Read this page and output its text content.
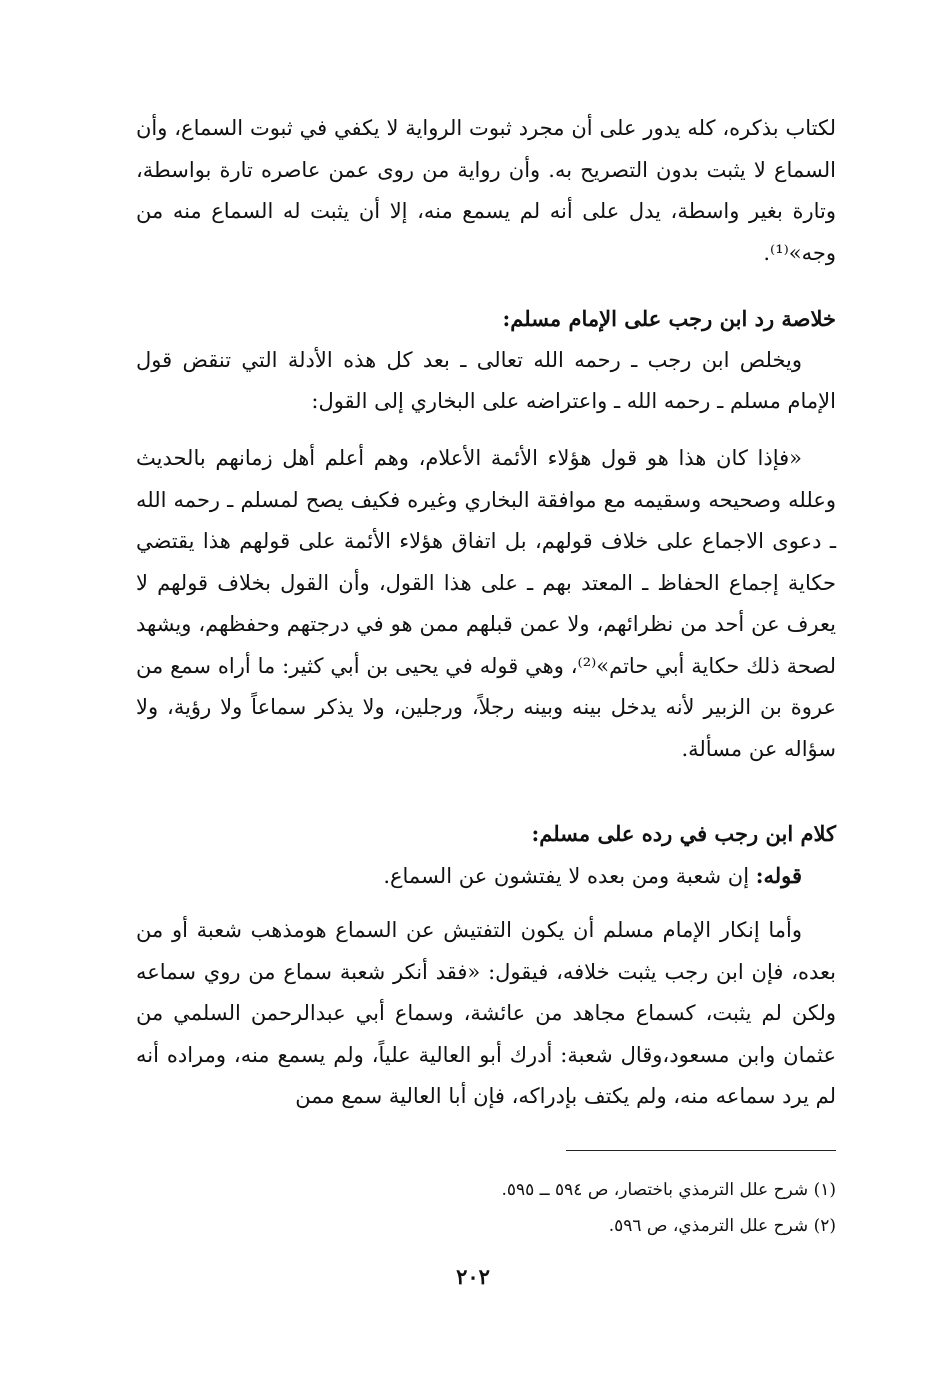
لكتاب بذكره، كله يدور على أن مجرد ثبوت الرواية لا يكفي في ثبوت السماع، وأن السماع لا يثبت بدون التصريح به. وأن رواية من روى عمن عاصره تارة بواسطة، وتارة بغير واسطة، يدل على أنه لم يسمع منه، إلا أن يثبت له السماع منه من وجه»⁽¹⁾.

خلاصة رد ابن رجب على الإمام مسلم:

ويخلص ابن رجب ـ رحمه الله تعالى ـ بعد كل هذه الأدلة التي تنقض قول الإمام مسلم ـ رحمه الله ـ واعتراضه على البخاري إلى القول:

«فإذا كان هذا هو قول هؤلاء الأئمة الأعلام، وهم أعلم أهل زمانهم بالحديث وعلله وصحيحه وسقيمه مع موافقة البخاري وغيره فكيف يصح لمسلم ـ رحمه الله ـ دعوى الاجماع على خلاف قولهم، بل اتفاق هؤلاء الأئمة على قولهم هذا يقتضي حكاية إجماع الحفاظ ـ المعتد بهم ـ على هذا القول، وأن القول بخلاف قولهم لا يعرف عن أحد من نظرائهم، ولا عمن قبلهم ممن هو في درجتهم وحفظهم، ويشهد لصحة ذلك حكاية أبي حاتم»⁽²⁾، وهي قوله في يحيى بن أبي كثير: ما أراه سمع من عروة بن الزبير لأنه يدخل بينه وبينه رجلاً، ورجلين، ولا يذكر سماعاً ولا رؤية، ولا سؤاله عن مسألة.

كلام ابن رجب في رده على مسلم:

قوله: إن شعبة ومن بعده لا يفتشون عن السماع.

وأما إنكار الإمام مسلم أن يكون التفتيش عن السماع هومذهب شعبة أو من بعده، فإن ابن رجب يثبت خلافه، فيقول: «فقد أنكر شعبة سماع من روي سماعه ولكن لم يثبت، كسماع مجاهد من عائشة، وسماع أبي عبدالرحمن السلمي من عثمان وابن مسعود،وقال شعبة: أدرك أبو العالية علياً، ولم يسمع منه، ومراده أنه لم يرد سماعه منه، ولم يكتف بإدراكه، فإن أبا العالية سمع ممن

(١) شرح علل الترمذي باختصار، ص ٥٩٤ ــ ٥٩٥.

(٢) شرح علل الترمذي، ص ٥٩٦.

٢٠٢
